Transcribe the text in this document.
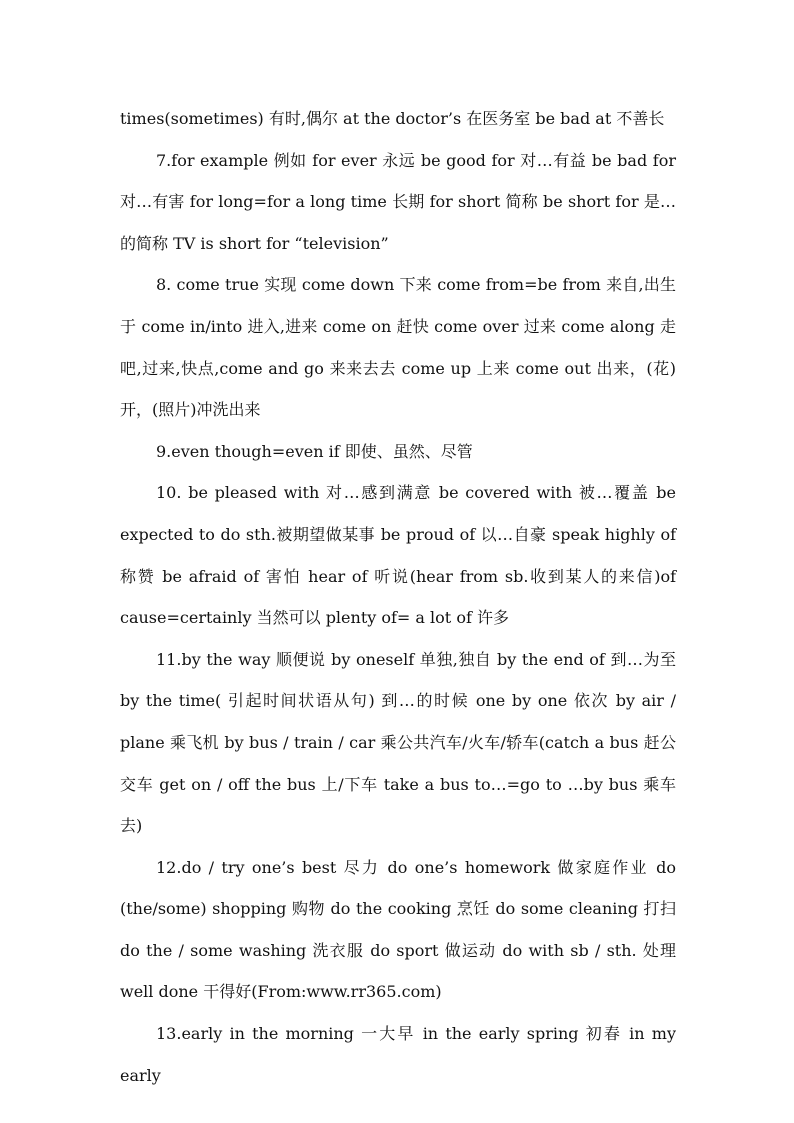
times(sometimes) 有时,偶尔 at the doctor’s 在医务室 be bad at 不善长

7.for example 例如 for ever 永远 be good for 对…有益 be bad for 对…有害 for long=for a long time 长期 for short 简称 be short for 是…的简称 TV is short for “television”

8. come true 实现 come down 下来 come from=be from 来自,出生于 come in/into 进入,进来 come on 赶快 come over 过来 come along 走吧,过来,快点,come and go 来来去去 come up 上来 come out 出来，(花)开，(照片)冲洗出来

9.even though=even if 即使、虽然、尽管

10. be pleased with 对…感到满意 be covered with 被…覆盖 be expected to do sth.被期望做某事 be proud of 以…自豪 speak highly of 称赞 be afraid of 害怕 hear of 听说(hear from sb.收到某人的来信)of cause=certainly 当然可以 plenty of= a lot of 许多

11.by the way 顺便说 by oneself 单独,独自 by the end of 到…为至 by the time( 引起时间状语从句) 到…的时候 one by one 依次 by air / plane 乘飞机 by bus / train / car 乘公共汽车/火车/轿车(catch a bus 赶公交车 get on / off the bus 上/下车 take a bus to…=go to …by bus 乘车去)

12.do / try one’s best 尽力 do one’s homework 做家庭作业 do (the/some) shopping 购物 do the cooking 烹饪 do some cleaning 打扫 do the / some washing 洗衣服 do sport 做运动 do with sb / sth. 处理 well done 干得好(From:www.rr365.com)

13.early in the morning 一大早 in the early spring 初春 in my early
